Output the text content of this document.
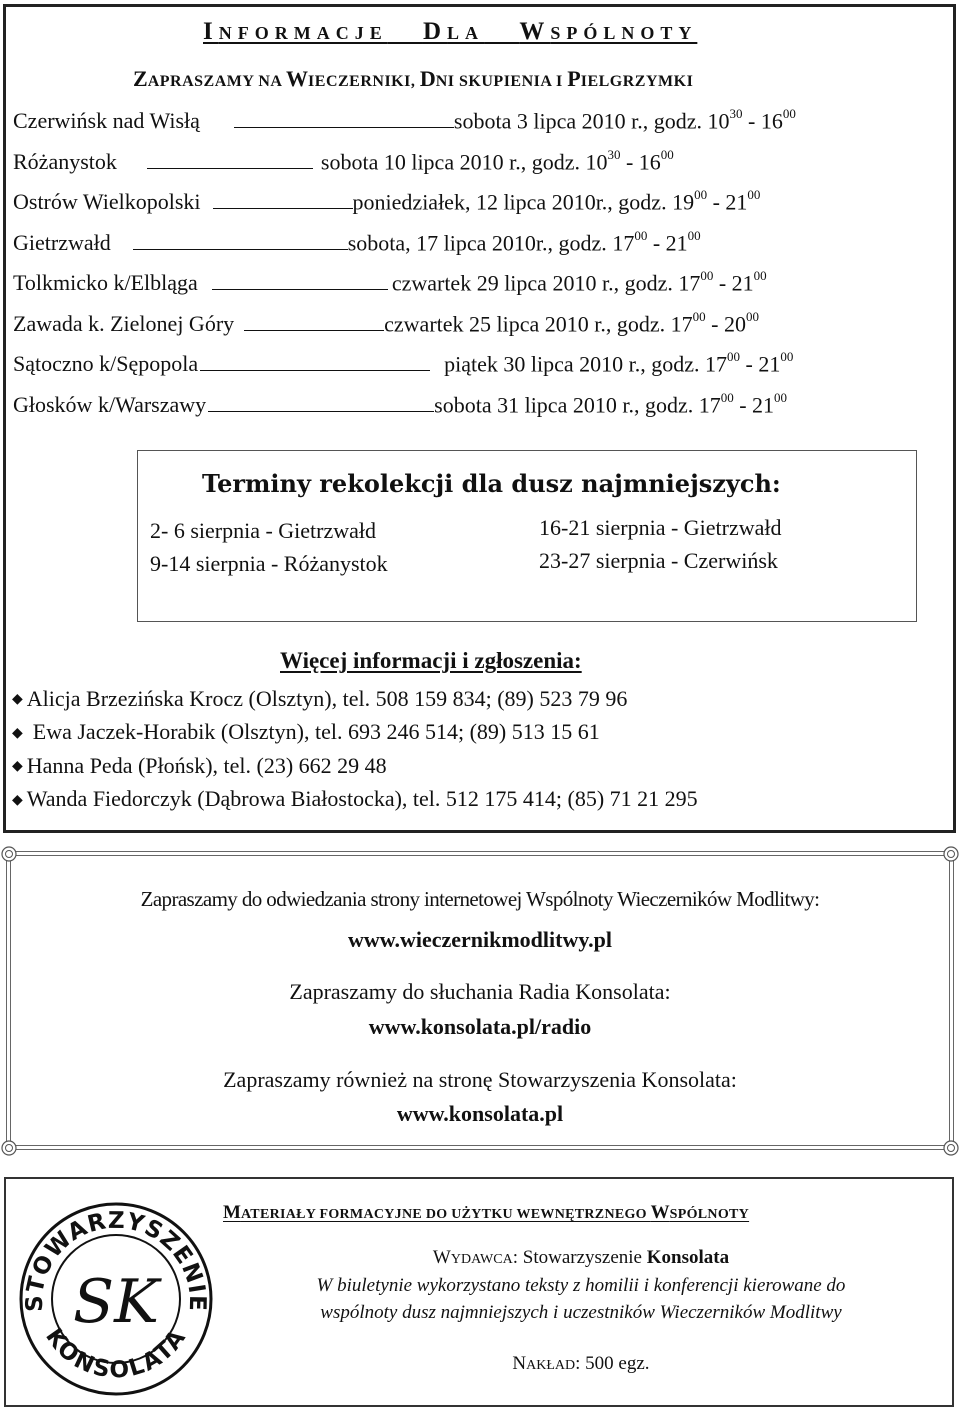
INFORMACJE DLA WSPÓLNOTY
ZAPRASZAMY NA WIECZERNIKI, DNI SKUPIENIA I PIELGRZYMKI
Czerwińsk nad Wisłą	sobota 3 lipca 2010 r., godz. $10^{30} - 16^{00}$
Różanystok	sobota 10 lipca 2010 r., godz. $10^{30} - 16^{00}$
Ostrów Wielkopolski	poniedziałek, 12 lipca 2010r., godz. $19^{00} - 21^{00}$
Gietrzwałd	sobota, 17 lipca 2010r., godz. $17^{00} - 21^{00}$
Tolkmicko k/Elbląga	czwartek 29 lipca 2010 r., godz. $17^{00} - 21^{00}$
Zawada k. Zielonej Góry	czwartek 25 lipca 2010 r., godz. $17^{00} - 20^{00}$
Sątoczno k/Sępopola	piątek 30 lipca 2010 r., godz. $17^{00} - 21^{00}$
Głosków k/Warszawy	sobota 31 lipca 2010 r., godz. $17^{00} - 21^{00}$
Terminy rekolekcji dla dusz najmniejszych:
2- 6 sierpnia - Gietrzwałd
9-14 sierpnia - Różanystok
16-21 sierpnia - Gietrzwałd
23-27 sierpnia - Czerwińsk
Więcej informacji i zgłoszenia:
◆ Alicja Brzezińska Krocz (Olsztyn), tel. 508 159 834; (89) 523 79 96
◆ Ewa Jaczek-Horabik (Olsztyn), tel. 693 246 514; (89) 513 15 61
◆ Hanna Peda (Płońsk), tel. (23) 662 29 48
◆ Wanda Fiedorczyk (Dąbrowa Białostocka), tel. 512 175 414; (85) 71 21 295
Zapraszamy do odwiedzania strony internetowej Wspólnoty Wieczerników Modlitwy:
www.wieczernikmodlitwy.pl
Zapraszamy do słuchania Radia Konsolata:
www.konsolata.pl/radio
Zapraszamy również na stronę Stowarzyszenia Konsolata:
www.konsolata.pl
STOWARZYSZENIE
KONSOLATA
SK
MATERIAŁY FORMACYJNE DO UŻYTKU WEWNĘTRZNEGO WSPÓLNOTY
WYDAWCA: Stowarzyszenie Konsolata
W biuletynie wykorzystano teksty z homilii i konferencji kierowane do
wspólnoty dusz najmniejszych i uczestników Wieczerników Modlitwy
NAKŁAD: 500 egz.
